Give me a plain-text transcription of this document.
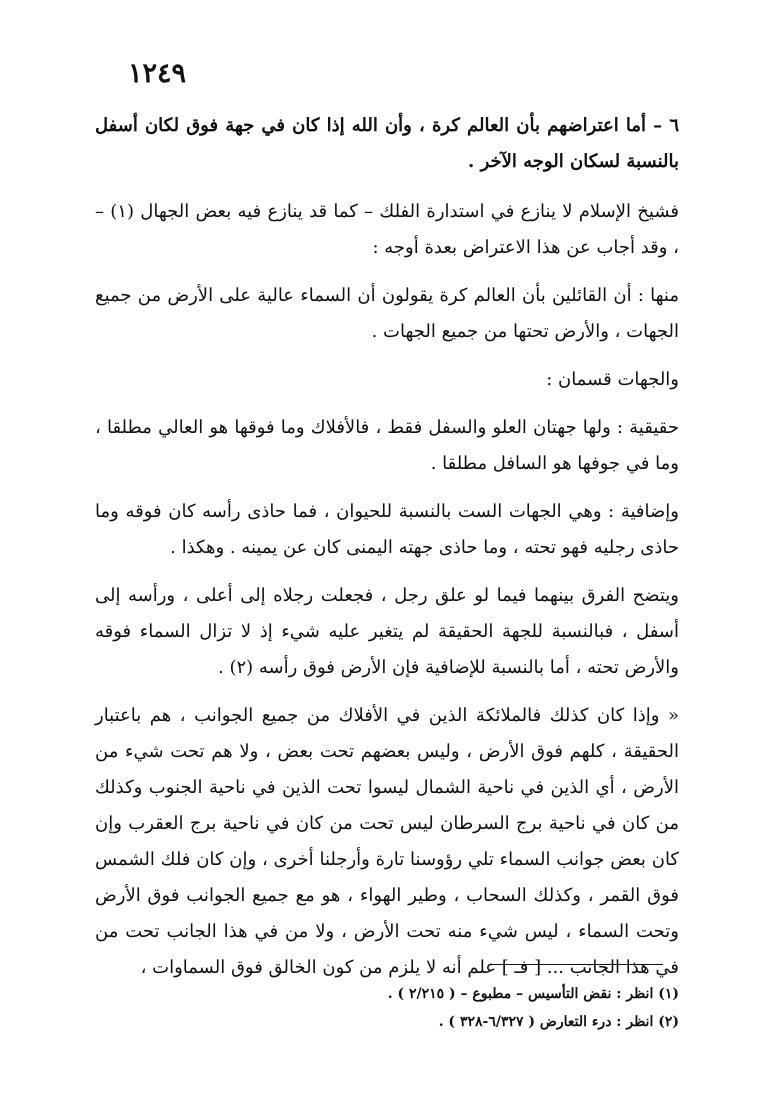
١٢٤٩

٦ – أما اعتراضهم بأن العالم كرة ، وأن الله إذا كان في جهة فوق لكان أسفل بالنسبة لسكان الوجه الآخر .

فشيخ الإسلام لا ينازع في استدارة الفلك – كما قد ينازع فيه بعض الجهال (١) – ، وقد أجاب عن هذا الاعتراض بعدة أوجه :

منها : أن القائلين بأن العالم كرة يقولون أن السماء عالية على الأرض من جميع الجهات ، والأرض تحتها من جميع الجهات .

والجهات قسمان :

حقيقية : ولها جهتان العلو والسفل فقط ، فالأفلاك وما فوقها هو العالي مطلقا ، وما في جوفها هو السافل مطلقا .

وإضافية : وهي الجهات الست بالنسبة للحيوان ، فما حاذى رأسه كان فوقه وما حاذى رجليه فهو تحته ، وما حاذى جهته اليمنى كان عن يمينه . وهكذا .

ويتضح الفرق بينهما فيما لو علق رجل ، فجعلت رجلاه إلى أعلى ، ورأسه إلى أسفل ، فبالنسبة للجهة الحقيقة لم يتغير عليه شيء إذ لا تزال السماء فوقه والأرض تحته ، أما بالنسبة للإضافية فإن الأرض فوق رأسه (٢) .

« وإذا كان كذلك فالملائكة الذين في الأفلاك من جميع الجوانب ، هم باعتبار الحقيقة ، كلهم فوق الأرض ، وليس بعضهم تحت بعض ، ولا هم تحت شيء من الأرض ، أي الذين في ناحية الشمال ليسوا تحت الذين في ناحية الجنوب وكذلك من كان في ناحية برج السرطان ليس تحت من كان في ناحية برج العقرب وإن كان بعض جوانب السماء تلي رؤوسنا تارة وأرجلنا أخرى ، وإن كان فلك الشمس فوق القمر ، وكذلك السحاب ، وطير الهواء ، هو مع جميع الجوانب فوق الأرض وتحت السماء ، ليس شيء منه تحت الأرض ، ولا من في هذا الجانب تحت من في هذا الجانب ... [ فـ ] علم أنه لا يلزم من كون الخالق فوق السماوات ،

(١) انظر : نقض التأسيس – مطبوع – ( ٢/٢١٥ ) .

(٢) انظر : درء التعارض ( ٦/٣٢٧-٣٢٨ ) .
